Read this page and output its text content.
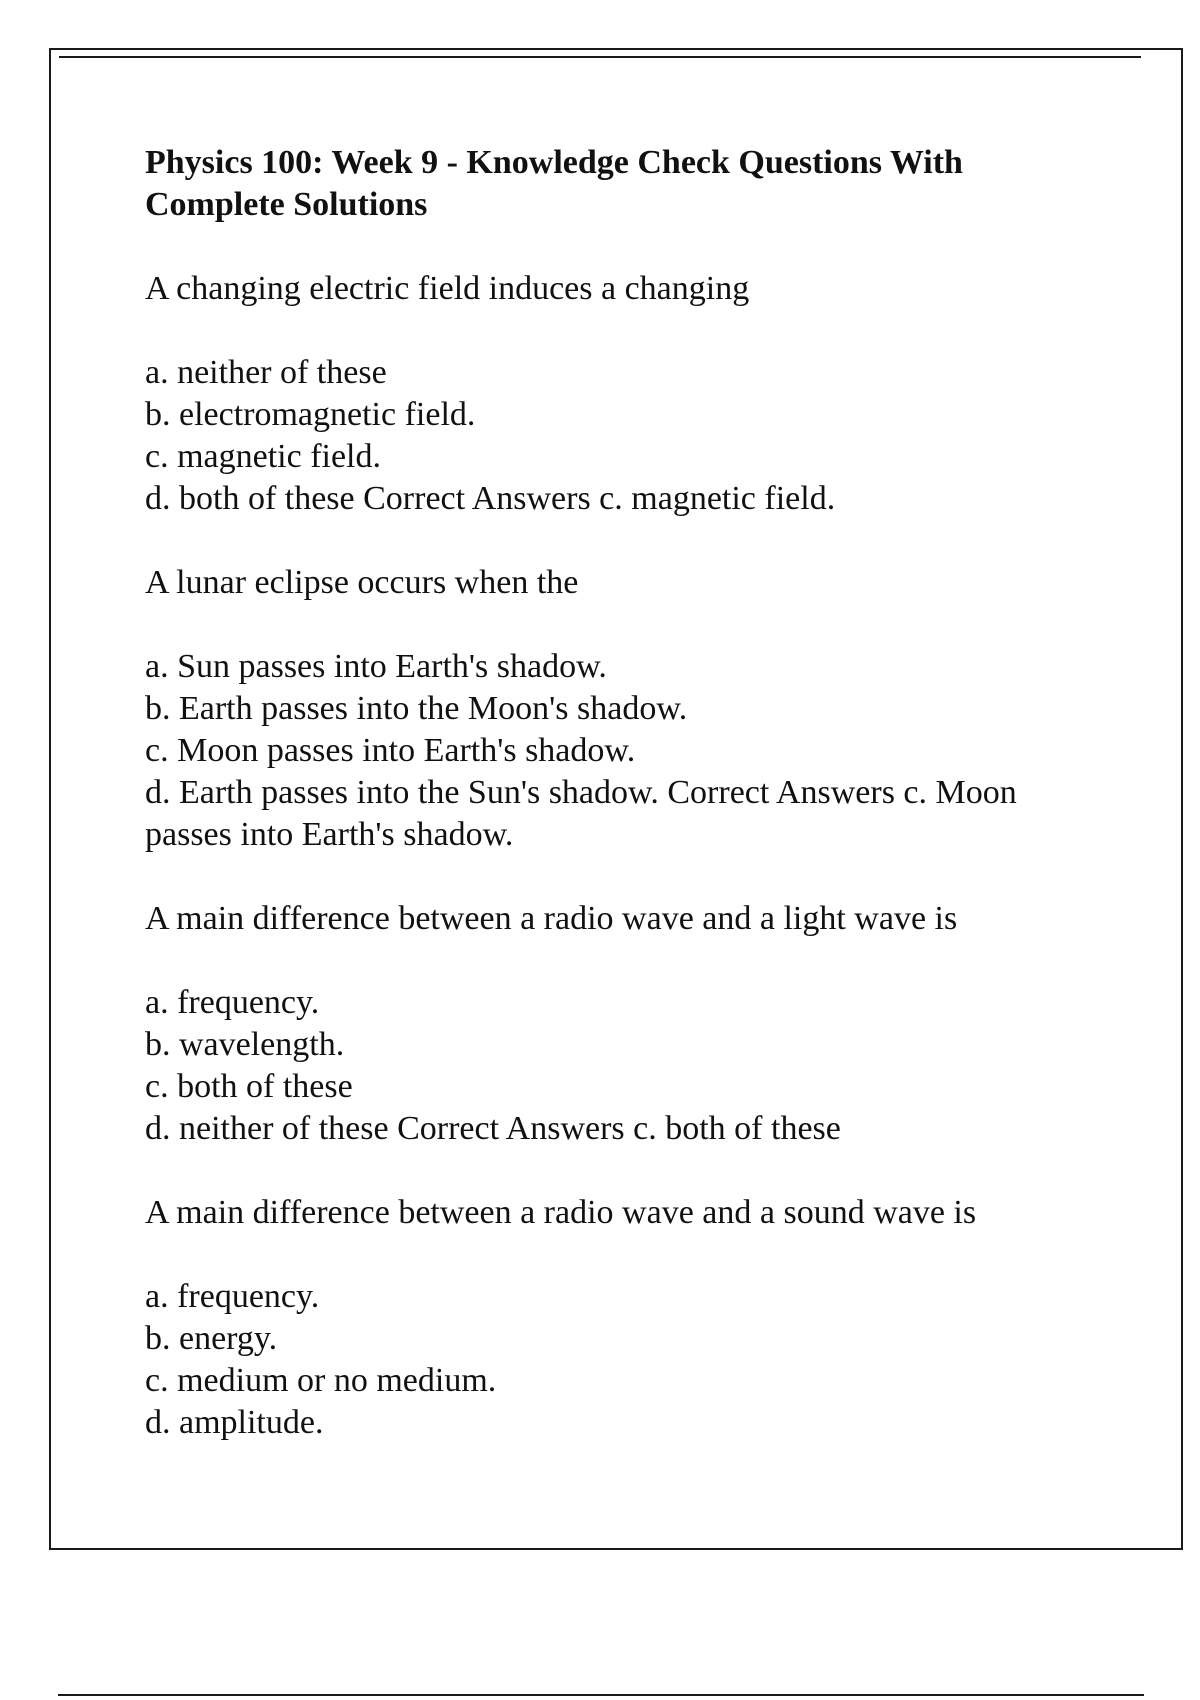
Physics 100: Week 9 - Knowledge Check Questions With Complete Solutions
A changing electric field induces a changing
a. neither of these
b. electromagnetic field.
c. magnetic field.
d. both of these Correct Answers c. magnetic field.
A lunar eclipse occurs when the
a. Sun passes into Earth's shadow.
b. Earth passes into the Moon's shadow.
c. Moon passes into Earth's shadow.
d. Earth passes into the Sun's shadow. Correct Answers c. Moon passes into Earth's shadow.
A main difference between a radio wave and a light wave is
a. frequency.
b. wavelength.
c. both of these
d. neither of these Correct Answers c. both of these
A main difference between a radio wave and a sound wave is
a. frequency.
b. energy.
c. medium or no medium.
d. amplitude.
